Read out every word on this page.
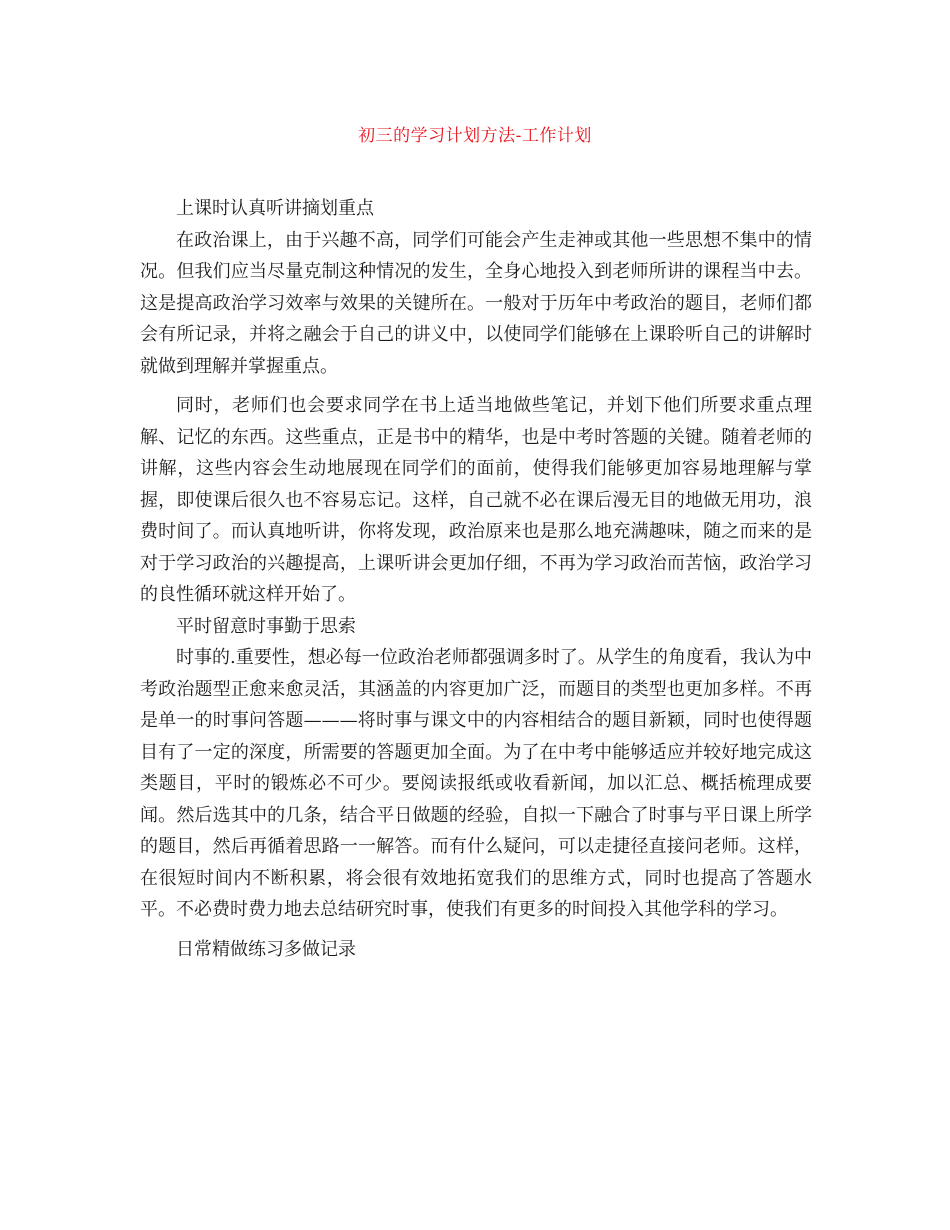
初三的学习计划方法-工作计划

上课时认真听讲摘划重点

在政治课上，由于兴趣不高，同学们可能会产生走神或其他一些思想不集中的情况。但我们应当尽量克制这种情况的发生，全身心地投入到老师所讲的课程当中去。这是提高政治学习效率与效果的关键所在。一般对于历年中考政治的题目，老师们都会有所记录，并将之融会于自己的讲义中，以使同学们能够在上课聆听自己的讲解时就做到理解并掌握重点。

同时，老师们也会要求同学在书上适当地做些笔记，并划下他们所要求重点理解、记忆的东西。这些重点，正是书中的精华，也是中考时答题的关键。随着老师的讲解，这些内容会生动地展现在同学们的面前，使得我们能够更加容易地理解与掌握，即使课后很久也不容易忘记。这样，自己就不必在课后漫无目的地做无用功，浪费时间了。而认真地听讲，你将发现，政治原来也是那么地充满趣味，随之而来的是对于学习政治的兴趣提高，上课听讲会更加仔细，不再为学习政治而苦恼，政治学习的良性循环就这样开始了。

平时留意时事勤于思索

时事的.重要性，想必每一位政治老师都强调多时了。从学生的角度看，我认为中考政治题型正愈来愈灵活，其涵盖的内容更加广泛，而题目的类型也更加多样。不再是单一的时事问答题———将时事与课文中的内容相结合的题目新颖，同时也使得题目有了一定的深度，所需要的答题更加全面。为了在中考中能够适应并较好地完成这类题目，平时的锻炼必不可少。要阅读报纸或收看新闻，加以汇总、概括梳理成要闻。然后选其中的几条，结合平日做题的经验，自拟一下融合了时事与平日课上所学的题目，然后再循着思路一一解答。而有什么疑问，可以走捷径直接问老师。这样，在很短时间内不断积累，将会很有效地拓宽我们的思维方式，同时也提高了答题水平。不必费时费力地去总结研究时事，使我们有更多的时间投入其他学科的学习。

日常精做练习多做记录
